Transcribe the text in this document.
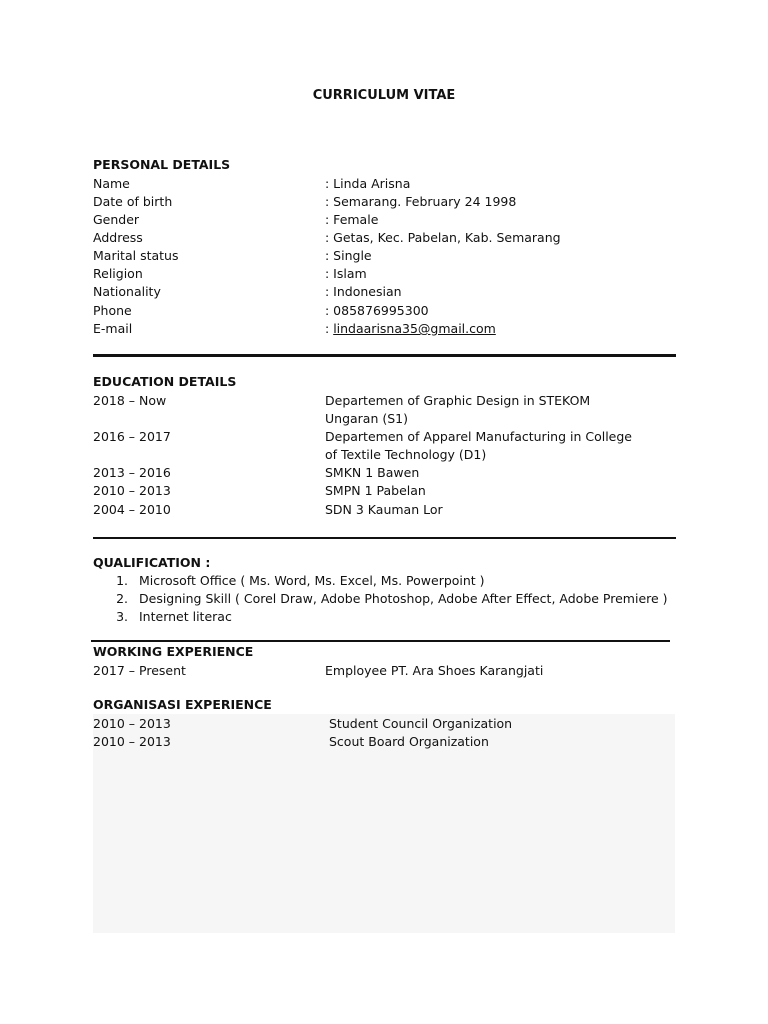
CURRICULUM VITAE
PERSONAL DETAILS
Name	: Linda Arisna
Date of birth	: Semarang. February 24 1998
Gender	: Female
Address	: Getas, Kec. Pabelan, Kab. Semarang
Marital status	: Single
Religion	: Islam
Nationality	: Indonesian
Phone	: 085876995300
E-mail	: lindaarisna35@gmail.com
EDUCATION DETAILS
2018 – Now	Departemen of Graphic Design in STEKOM
Ungaran (S1)
2016 – 2017	Departemen of Apparel Manufacturing in College
of Textile Technology (D1)
2013 – 2016	SMKN 1 Bawen
2010 – 2013	SMPN 1 Pabelan
2004 – 2010	SDN 3 Kauman Lor
QUALIFICATION :
1. Microsoft Office ( Ms. Word, Ms. Excel, Ms. Powerpoint )
2. Designing Skill ( Corel Draw, Adobe Photoshop, Adobe After Effect, Adobe Premiere )
3. Internet literac
WORKING EXPERIENCE
2017 – Present	Employee PT. Ara Shoes Karangjati
ORGANISASI EXPERIENCE
2010 – 2013	Student Council Organization
2010 – 2013	Scout Board Organization
